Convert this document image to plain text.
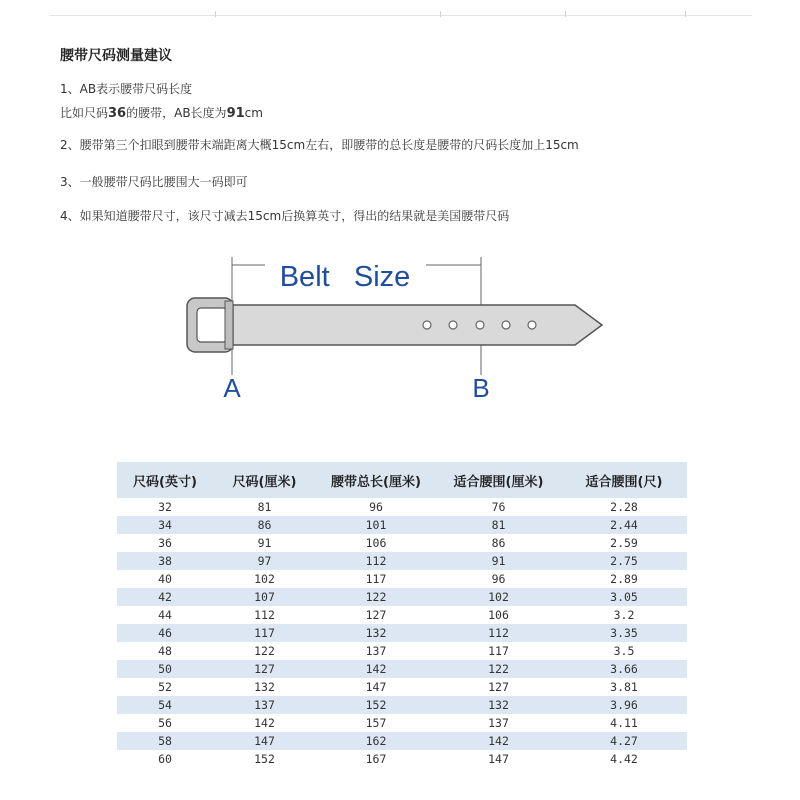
腰带尺码测量建议
1、AB表示腰带尺码长度
比如尺码36的腰带，AB长度为91cm
2、腰带第三个扣眼到腰带末端距离大概15cm左右，即腰带的总长度是腰带的尺码长度加上15cm
3、一般腰带尺码比腰围大一码即可
4、如果知道腰带尺寸，该尺寸减去15cm后换算英寸，得出的结果就是美国腰带尺码
Belt   Size
A	B
尺码(英寸)	尺码(厘米)	腰带总长(厘米)	适合腰围(厘米)	适合腰围(尺)
32	81	96	76	2.28
34	86	101	81	2.44
36	91	106	86	2.59
38	97	112	91	2.75
40	102	117	96	2.89
42	107	122	102	3.05
44	112	127	106	3.2
46	117	132	112	3.35
48	122	137	117	3.5
50	127	142	122	3.66
52	132	147	127	3.81
54	137	152	132	3.96
56	142	157	137	4.11
58	147	162	142	4.27
60	152	167	147	4.42
